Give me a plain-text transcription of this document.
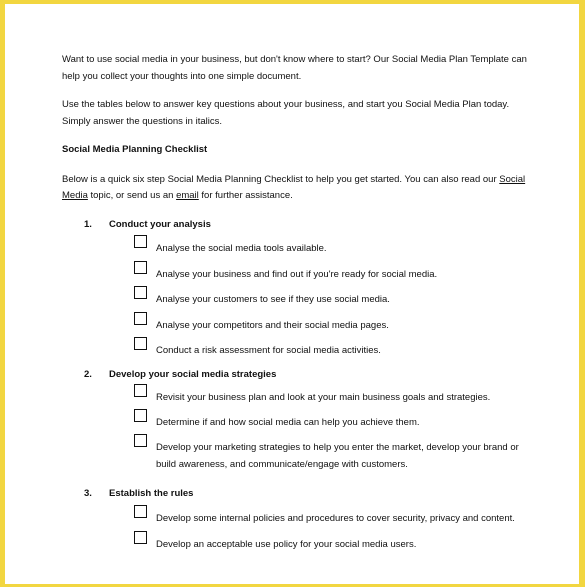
Want to use social media in your business, but don't know where to start? Our Social Media Plan Template can help you collect your thoughts into one simple document.

Use the tables below to answer key questions about your business, and start you Social Media Plan today. Simply answer the questions in italics.

Social Media Planning Checklist

Below is a quick six step Social Media Planning Checklist to help you get started. You can also read our Social Media topic, or send us an email for further assistance.

1.	Conduct your analysis
Analyse the social media tools available.
Analyse your business and find out if you're ready for social media.
Analyse your customers to see if they use social media.
Analyse your competitors and their social media pages.
Conduct a risk assessment for social media activities.
2.	Develop your social media strategies
Revisit your business plan and look at your main business goals and strategies.
Determine if and how social media can help you achieve them.
Develop your marketing strategies to help you enter the market, develop your brand or build awareness, and communicate/engage with customers.
3.	Establish the rules
Develop some internal policies and procedures to cover security, privacy and content.
Develop an acceptable use policy for your social media users.
